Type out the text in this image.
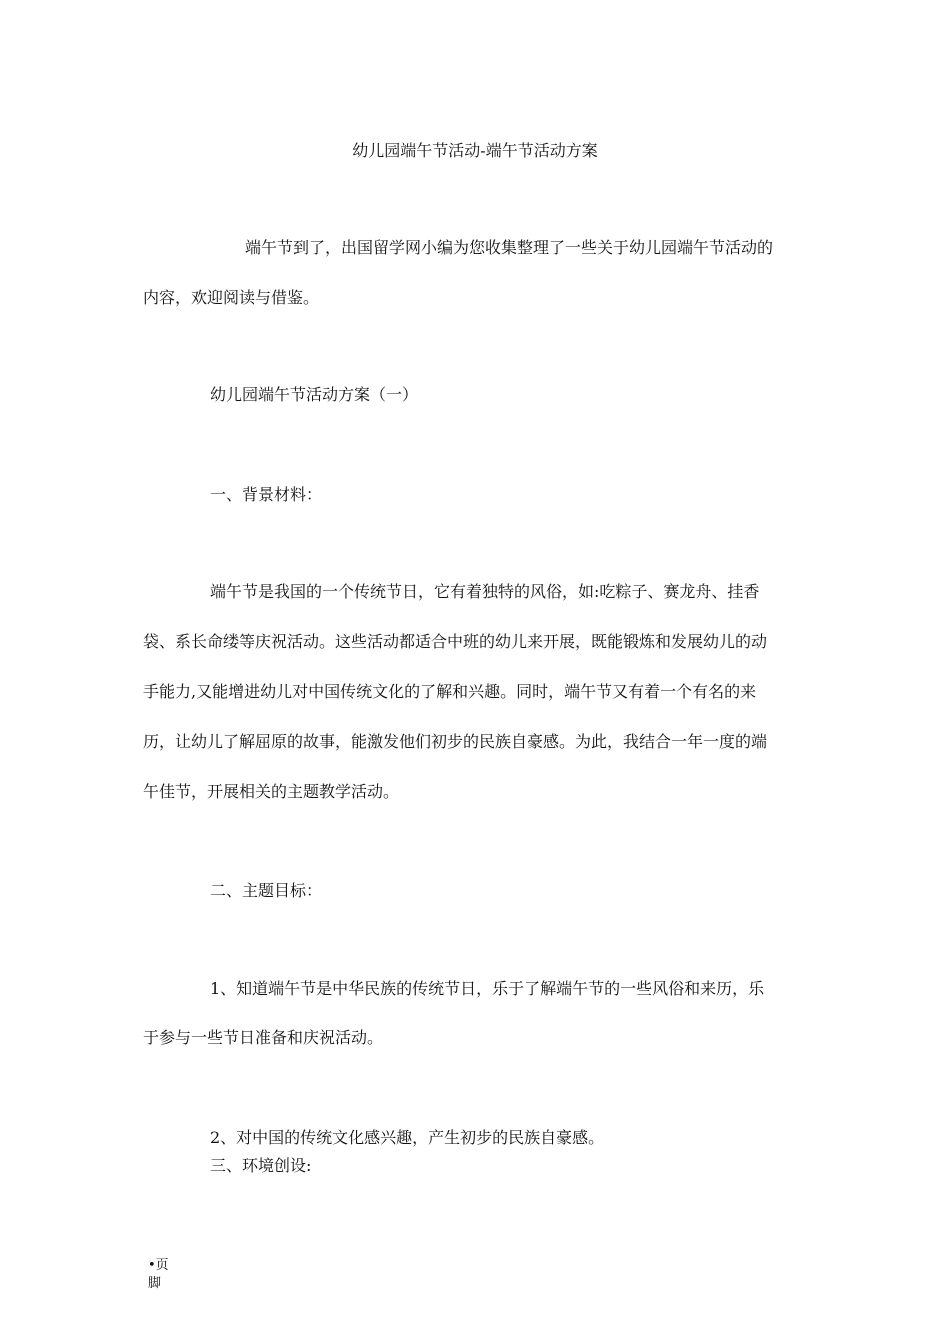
幼儿园端午节活动-端午节活动方案

端午节到了，出国留学网小编为您收集整理了一些关于幼儿园端午节活动的

内容，欢迎阅读与借鉴。

幼儿园端午节活动方案（一）

一、背景材料：

端午节是我国的一个传统节日，它有着独特的风俗，如:吃粽子、赛龙舟、挂香

袋、系长命缕等庆祝活动。这些活动都适合中班的幼儿来开展，既能锻炼和发展幼儿的动

手能力,又能增进幼儿对中国传统文化的了解和兴趣。同时，端午节又有着一个有名的来

历，让幼儿了解屈原的故事，能激发他们初步的民族自豪感。为此，我结合一年一度的端

午佳节，开展相关的主题教学活动。

二、主题目标：

1、知道端午节是中华民族的传统节日，乐于了解端午节的一些风俗和来历，乐

于参与一些节日准备和庆祝活动。

2、对中国的传统文化感兴趣，产生初步的民族自豪感。

三、环境创设:

•页脚
